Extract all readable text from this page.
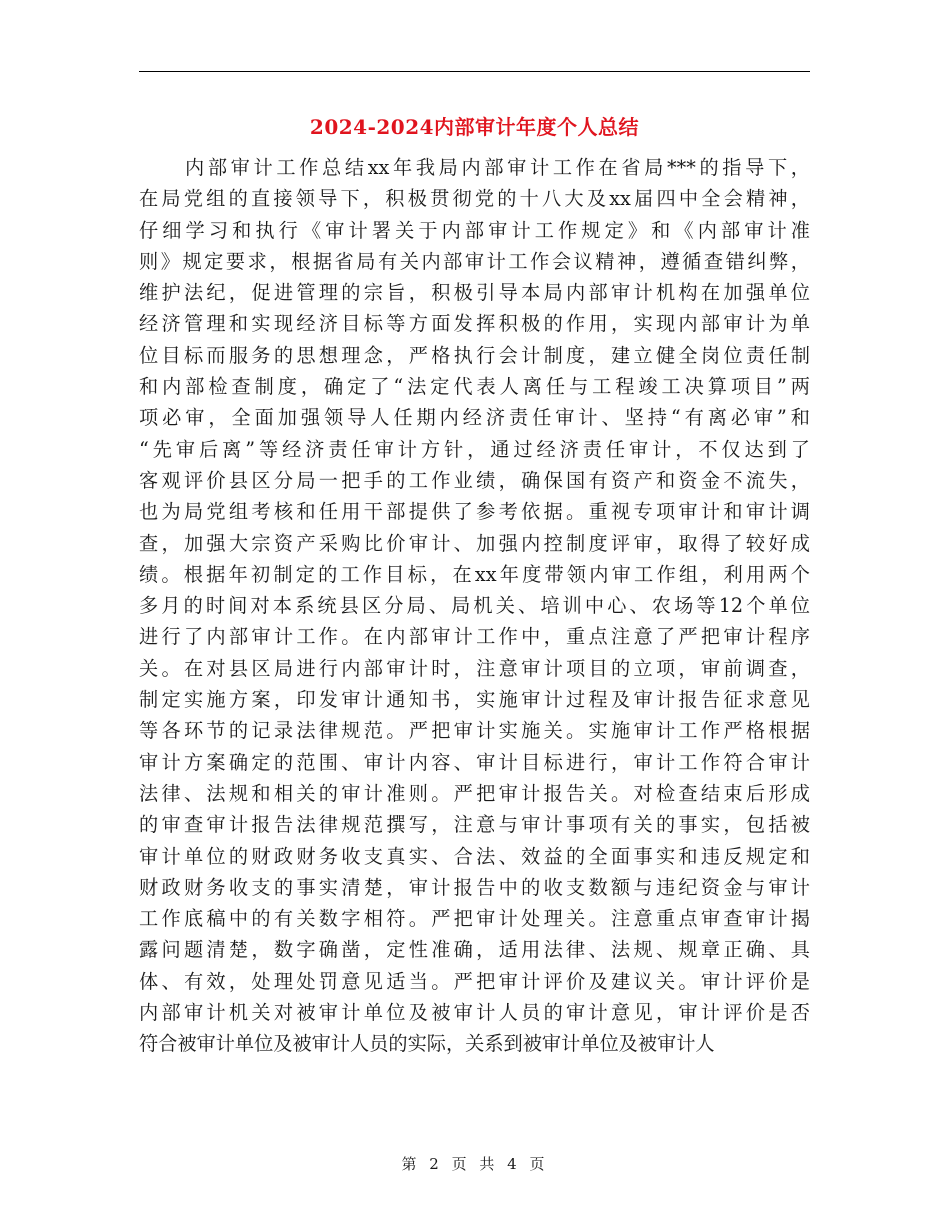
2024-2024内部审计年度个人总结
内部审计工作总结xx年我局内部审计工作在省局***的指导下，
在局党组的直接领导下，积极贯彻党的十八大及xx届四中全会精神，
仔细学习和执行《审计署关于内部审计工作规定》和《内部审计准
则》规定要求，根据省局有关内部审计工作会议精神，遵循查错纠弊，
维护法纪，促进管理的宗旨，积极引导本局内部审计机构在加强单位
经济管理和实现经济目标等方面发挥积极的作用，实现内部审计为单
位目标而服务的思想理念，严格执行会计制度，建立健全岗位责任制
和内部检查制度，确定了“法定代表人离任与工程竣工决算项目”两
项必审，全面加强领导人任期内经济责任审计、坚持“有离必审”和
“先审后离”等经济责任审计方针，通过经济责任审计，不仅达到了
客观评价县区分局一把手的工作业绩，确保国有资产和资金不流失，
也为局党组考核和任用干部提供了参考依据。重视专项审计和审计调
查，加强大宗资产采购比价审计、加强内控制度评审，取得了较好成
绩。根据年初制定的工作目标，在xx年度带领内审工作组，利用两个
多月的时间对本系统县区分局、局机关、培训中心、农场等12个单位
进行了内部审计工作。在内部审计工作中，重点注意了严把审计程序
关。在对县区局进行内部审计时，注意审计项目的立项，审前调查，
制定实施方案，印发审计通知书，实施审计过程及审计报告征求意见
等各环节的记录法律规范。严把审计实施关。实施审计工作严格根据
审计方案确定的范围、审计内容、审计目标进行，审计工作符合审计
法律、法规和相关的审计准则。严把审计报告关。对检查结束后形成
的审查审计报告法律规范撰写，注意与审计事项有关的事实，包括被
审计单位的财政财务收支真实、合法、效益的全面事实和违反规定和
财政财务收支的事实清楚，审计报告中的收支数额与违纪资金与审计
工作底稿中的有关数字相符。严把审计处理关。注意重点审查审计揭
露问题清楚，数字确凿，定性准确，适用法律、法规、规章正确、具
体、有效，处理处罚意见适当。严把审计评价及建议关。审计评价是
内部审计机关对被审计单位及被审计人员的审计意见，审计评价是否
符合被审计单位及被审计人员的实际，关系到被审计单位及被审计人
第 2 页 共 4 页
